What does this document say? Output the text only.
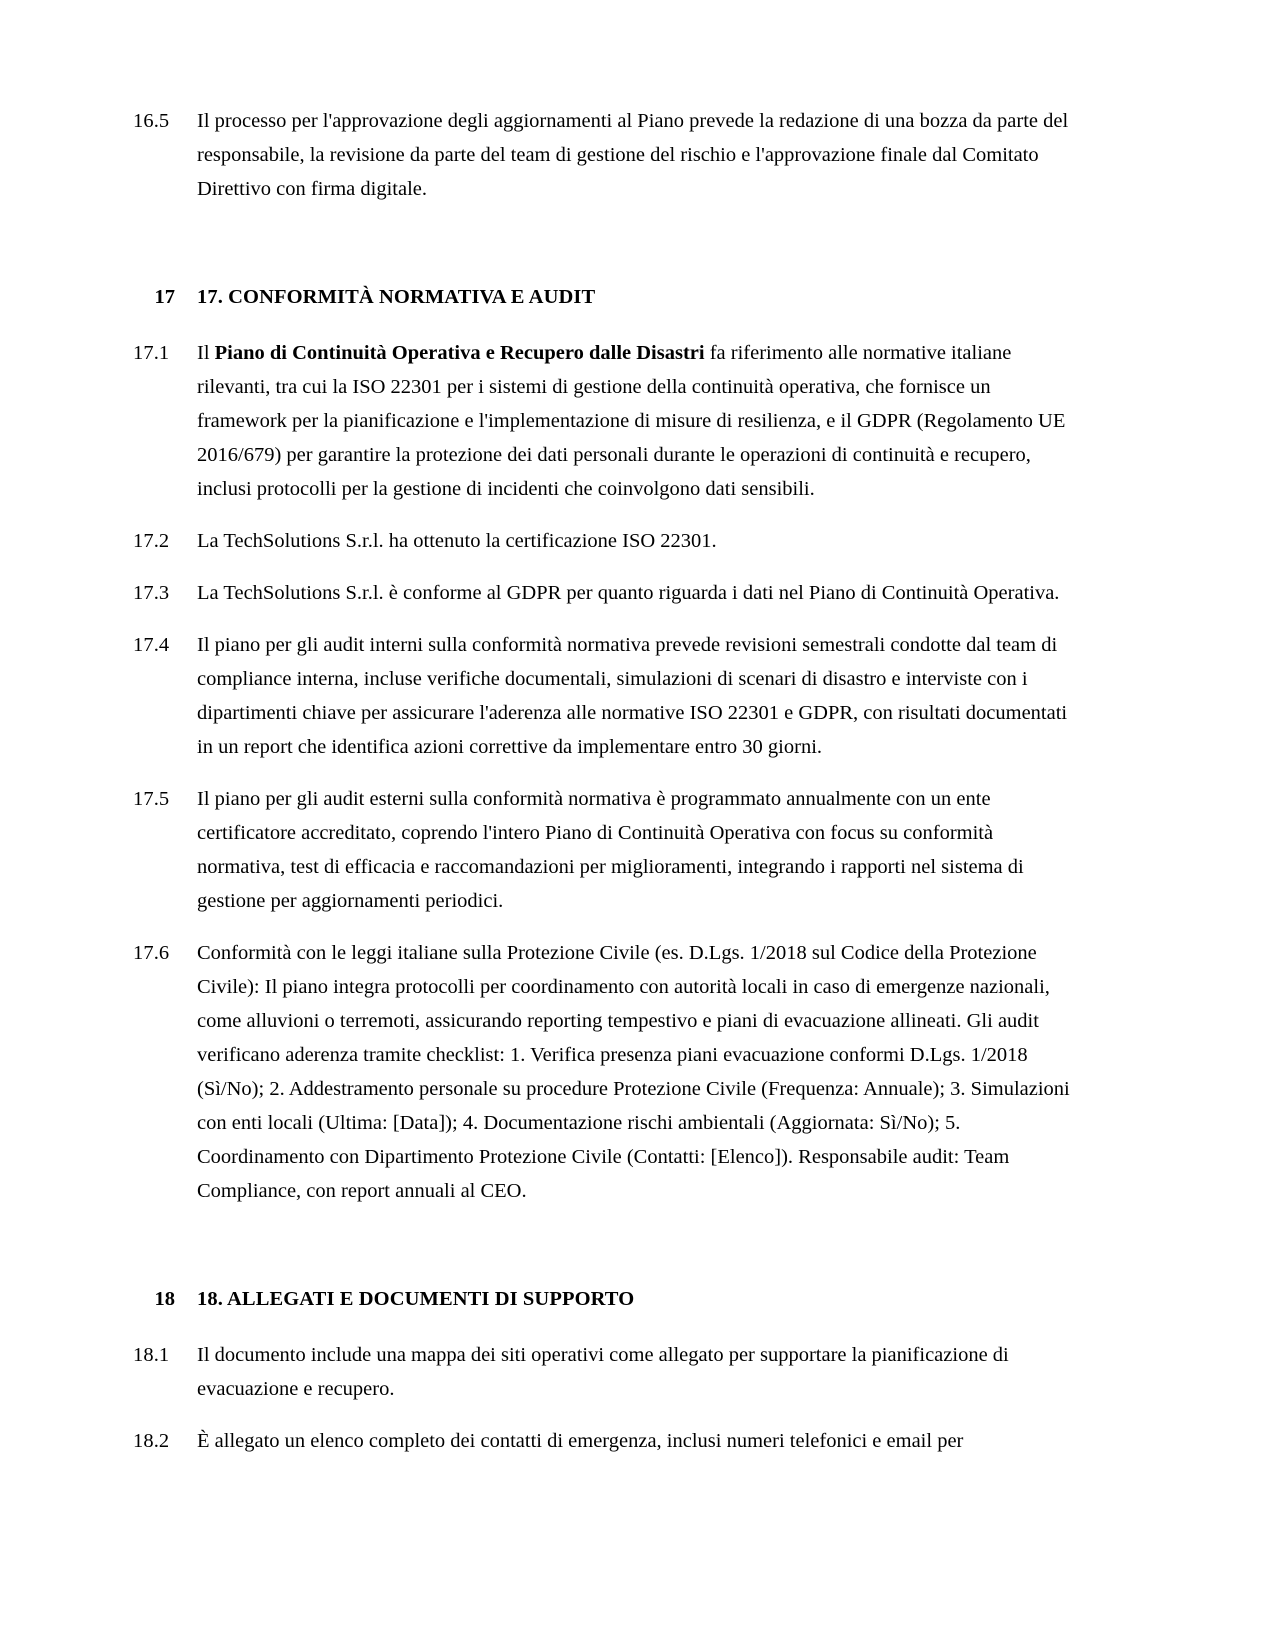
16.5	Il processo per l'approvazione degli aggiornamenti al Piano prevede la redazione di una bozza da parte del responsabile, la revisione da parte del team di gestione del rischio e l'approvazione finale dal Comitato Direttivo con firma digitale.
17	17. CONFORMITÀ NORMATIVA E AUDIT
17.1	Il Piano di Continuità Operativa e Recupero dalle Disastri fa riferimento alle normative italiane rilevanti, tra cui la ISO 22301 per i sistemi di gestione della continuità operativa, che fornisce un framework per la pianificazione e l'implementazione di misure di resilienza, e il GDPR (Regolamento UE 2016/679) per garantire la protezione dei dati personali durante le operazioni di continuità e recupero, inclusi protocolli per la gestione di incidenti che coinvolgono dati sensibili.
17.2	La TechSolutions S.r.l. ha ottenuto la certificazione ISO 22301.
17.3	La TechSolutions S.r.l. è conforme al GDPR per quanto riguarda i dati nel Piano di Continuità Operativa.
17.4	Il piano per gli audit interni sulla conformità normativa prevede revisioni semestrali condotte dal team di compliance interna, incluse verifiche documentali, simulazioni di scenari di disastro e interviste con i dipartimenti chiave per assicurare l'aderenza alle normative ISO 22301 e GDPR, con risultati documentati in un report che identifica azioni correttive da implementare entro 30 giorni.
17.5	Il piano per gli audit esterni sulla conformità normativa è programmato annualmente con un ente certificatore accreditato, coprendo l'intero Piano di Continuità Operativa con focus su conformità normativa, test di efficacia e raccomandazioni per miglioramenti, integrando i rapporti nel sistema di gestione per aggiornamenti periodici.
17.6	Conformità con le leggi italiane sulla Protezione Civile (es. D.Lgs. 1/2018 sul Codice della Protezione Civile): Il piano integra protocolli per coordinamento con autorità locali in caso di emergenze nazionali, come alluvioni o terremoti, assicurando reporting tempestivo e piani di evacuazione allineati. Gli audit verificano aderenza tramite checklist: 1. Verifica presenza piani evacuazione conformi D.Lgs. 1/2018 (Sì/No); 2. Addestramento personale su procedure Protezione Civile (Frequenza: Annuale); 3. Simulazioni con enti locali (Ultima: [Data]); 4. Documentazione rischi ambientali (Aggiornata: Sì/No); 5. Coordinamento con Dipartimento Protezione Civile (Contatti: [Elenco]). Responsabile audit: Team Compliance, con report annuali al CEO.
18	18. ALLEGATI E DOCUMENTI DI SUPPORTO
18.1	Il documento include una mappa dei siti operativi come allegato per supportare la pianificazione di evacuazione e recupero.
18.2	È allegato un elenco completo dei contatti di emergenza, inclusi numeri telefonici e email per
